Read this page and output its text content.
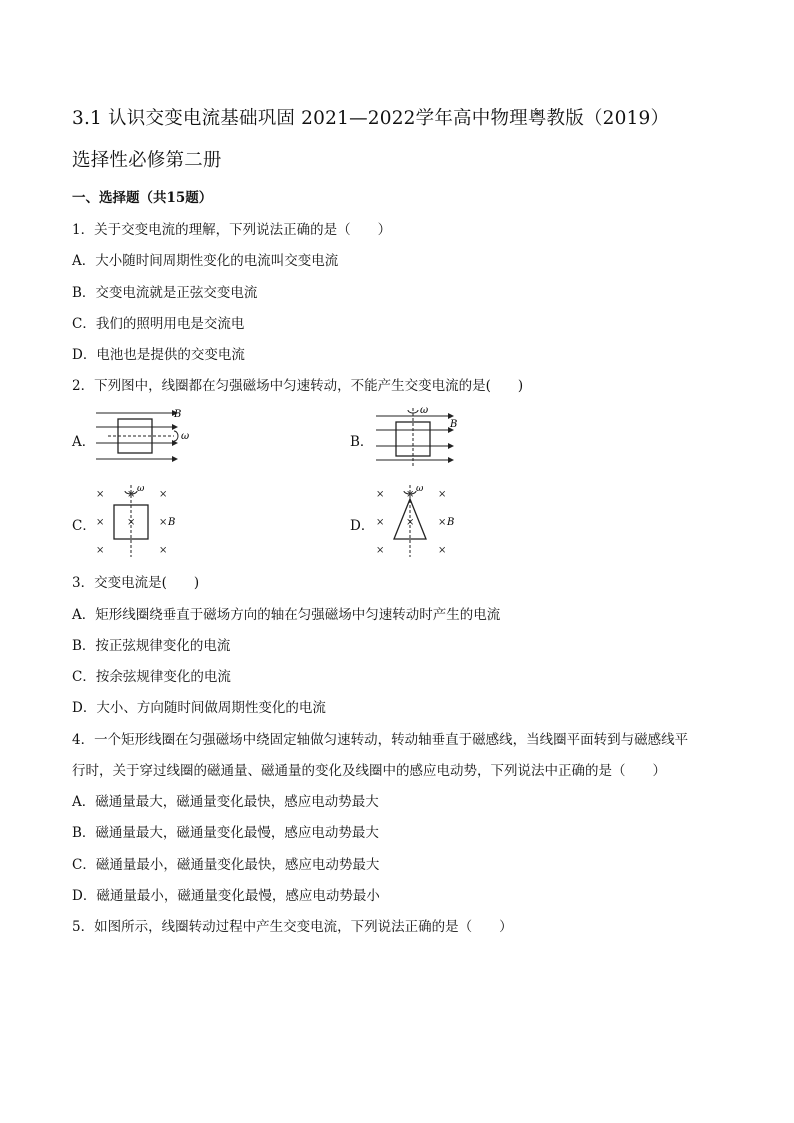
3.1 认识交变电流基础巩固 2021—2022学年高中物理粤教版（2019）
选择性必修第二册
一、选择题（共15题）
1．关于交变电流的理解，下列说法正确的是（　　）
A．大小随时间周期性变化的电流叫交变电流
B．交变电流就是正弦交变电流
C．我们的照明用电是交流电
D．电池也是提供的交变电流
2．下列图中，线圈都在匀强磁场中匀速转动，不能产生交变电流的是(　　)
A．
B
ω	B．
ω
B
C．
×	×
× × ×
×	×
× ω
B	D．
×	×
× × ×
×	×
× ω
B
3．交变电流是(　　)
A．矩形线圈绕垂直于磁场方向的轴在匀强磁场中匀速转动时产生的电流
B．按正弦规律变化的电流
C．按余弦规律变化的电流
D．大小、方向随时间做周期性变化的电流
4．一个矩形线圈在匀强磁场中绕固定轴做匀速转动，转动轴垂直于磁感线，当线圈平面转到与磁感线平
行时，关于穿过线圈的磁通量、磁通量的变化及线圈中的感应电动势，下列说法中正确的是（　　）
A．磁通量最大，磁通量变化最快，感应电动势最大
B．磁通量最大，磁通量变化最慢，感应电动势最大
C．磁通量最小，磁通量变化最快，感应电动势最大
D．磁通量最小，磁通量变化最慢，感应电动势最小
5．如图所示，线圈转动过程中产生交变电流，下列说法正确的是（　　）
